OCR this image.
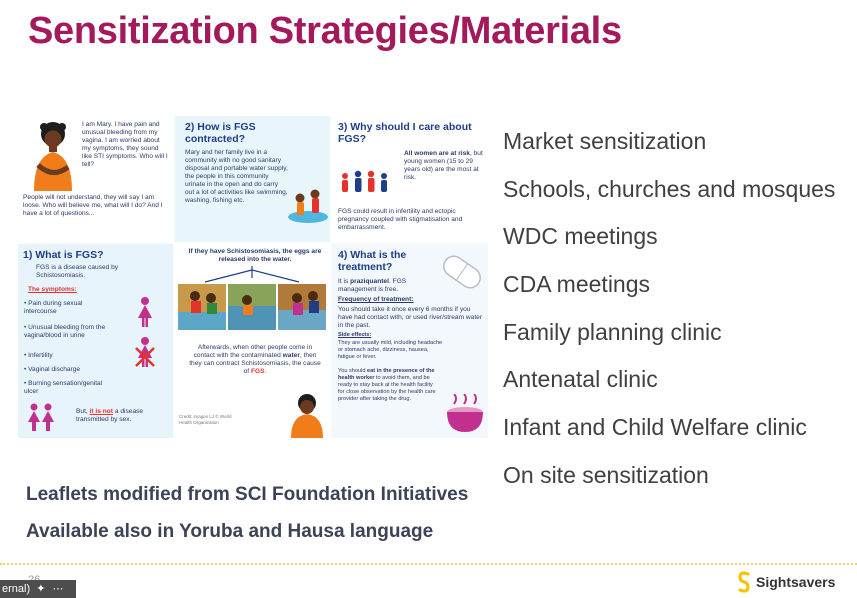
Sensitization Strategies/Materials
I am Mary. I have pain and unusual bleeding from my vagina. I am worried about my symptoms, they sound like STI symptoms. Who will I tell?
People will not understand, they will say I am loose. Who will believe me, what will I do? And I have a lot of questions...
2) How is FGS contracted?
Mary and her family live in a community with no good sanitary disposal and portable water supply, the people in this community urinate in the open and do carry out a lot of activities like swimming, washing, fishing etc.
3) Why should I care about FGS?
All women are at risk, but young women (15 to 29 years old) are the most at risk.
FGS could result in infertility and ectopic pregnancy coupled with stigmatisation and embarrassment.
1) What is FGS?
FGS is a disease caused by Schistosomiasis.
The symptoms:
• Pain during sexual intercourse
• Unusual bleeding from the vagina/blood in urine
• Infertility
• Vaginal discharge
• Burning sensation/genital ulcer
But, it is not a disease transmitted by sex.
If they have Schistosomiasis, the eggs are released into the water.
Afterwards, when other people come in contact with the contaminated water, then they can contract Schistosomiasis, the cause of FGS.
Credit: images LJ © World Health Organization
4) What is the treatment?
It is praziquantel. FGS management is free.
Frequency of treatment:
You should take it once every 6 months if you have had contact with, or used river/stream water in the past.
Side effects:
They are usually mild, including headache or stomach ache, dizziness, nausea, fatigue or fever.
You should eat in the presence of the health worker to avoid them, and be ready to stay back at the health facility for close observation by the health care provider after taking the drug.
Market sensitization
Schools, churches and mosques
WDC meetings
CDA meetings
Family planning clinic
Antenatal clinic
Infant and Child Welfare clinic
On site sensitization
Leaflets modified from SCI Foundation Initiatives
Available also in Yoruba and Hausa language
ernal) ✦ ⋯	Sightsavers
